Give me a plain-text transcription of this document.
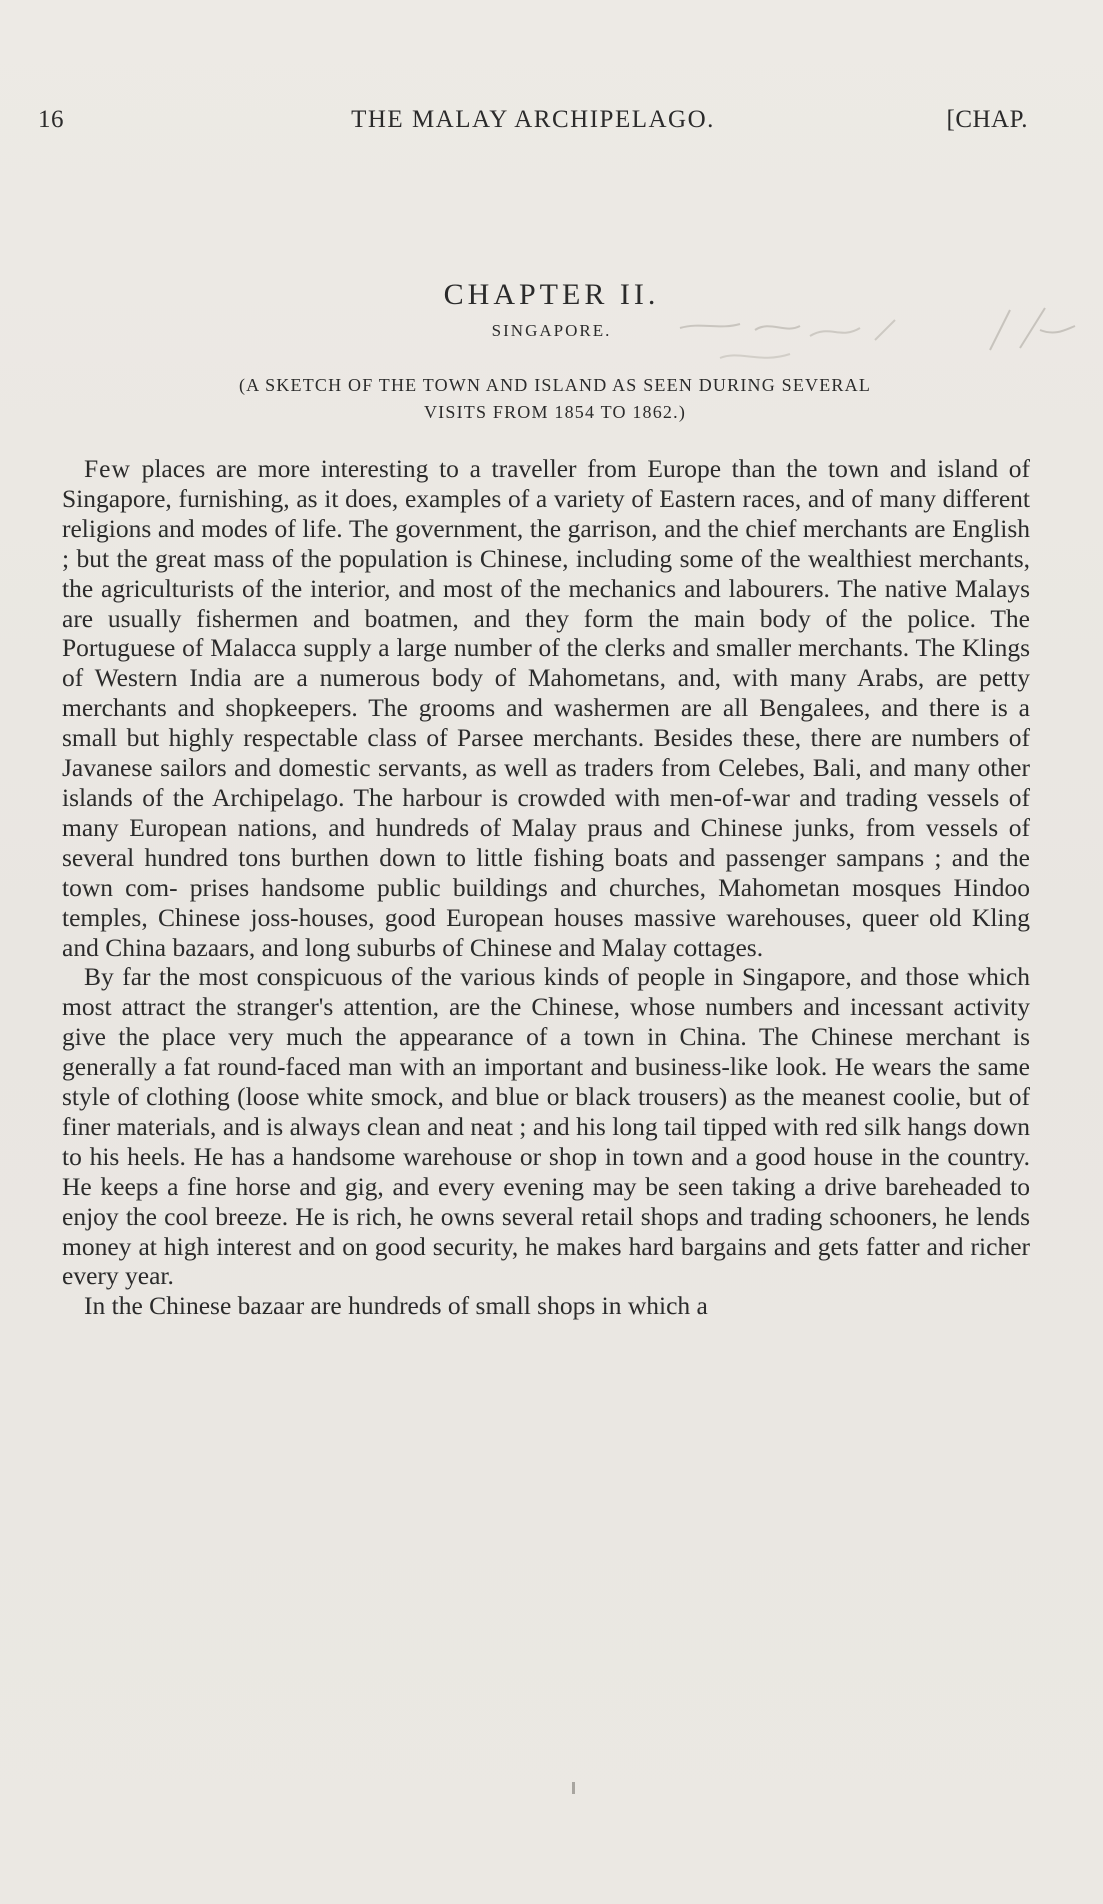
16	THE MALAY ARCHIPELAGO.	[CHAP.
CHAPTER II.
SINGAPORE.
(A SKETCH OF THE TOWN AND ISLAND AS SEEN DURING SEVERAL
VISITS FROM 1854 TO 1862.)

Few places are more interesting to a traveller from Europe than the town and island of Singapore, furnishing, as it does, examples of a variety of Eastern races, and of many different religions and modes of life. The government, the garrison, and the chief merchants are English ; but the great mass of the population is Chinese, including some of the wealthiest merchants, the agriculturists of the interior, and most of the mechanics and labourers. The native Malays are usually fishermen and boatmen, and they form the main body of the police. The Portuguese of Malacca supply a large number of the clerks and smaller merchants. The Klings of Western India are a numerous body of Mahometans, and, with many Arabs, are petty merchants and shopkeepers. The grooms and washermen are all Bengalees, and there is a small but highly respectable class of Parsee merchants. Besides these, there are numbers of Javanese sailors and domestic servants, as well as traders from Celebes, Bali, and many other islands of the Archipelago. The harbour is crowded with men-of-war and trading vessels of many European nations, and hundreds of Malay praus and Chinese junks, from vessels of several hundred tons burthen down to little fishing boats and passenger sampans ; and the town com- prises handsome public buildings and churches, Mahometan mosques Hindoo temples, Chinese joss-houses, good European houses massive warehouses, queer old Kling and China bazaars, and long suburbs of Chinese and Malay cottages.

By far the most conspicuous of the various kinds of people in Singapore, and those which most attract the stranger's attention, are the Chinese, whose numbers and incessant activity give the place very much the appearance of a town in China. The Chinese merchant is generally a fat round-faced man with an important and business-like look. He wears the same style of clothing (loose white smock, and blue or black trousers) as the meanest coolie, but of finer materials, and is always clean and neat ; and his long tail tipped with red silk hangs down to his heels. He has a handsome warehouse or shop in town and a good house in the country. He keeps a fine horse and gig, and every evening may be seen taking a drive bareheaded to enjoy the cool breeze. He is rich, he owns several retail shops and trading schooners, he lends money at high interest and on good security, he makes hard bargains and gets fatter and richer every year.

In the Chinese bazaar are hundreds of small shops in which a
